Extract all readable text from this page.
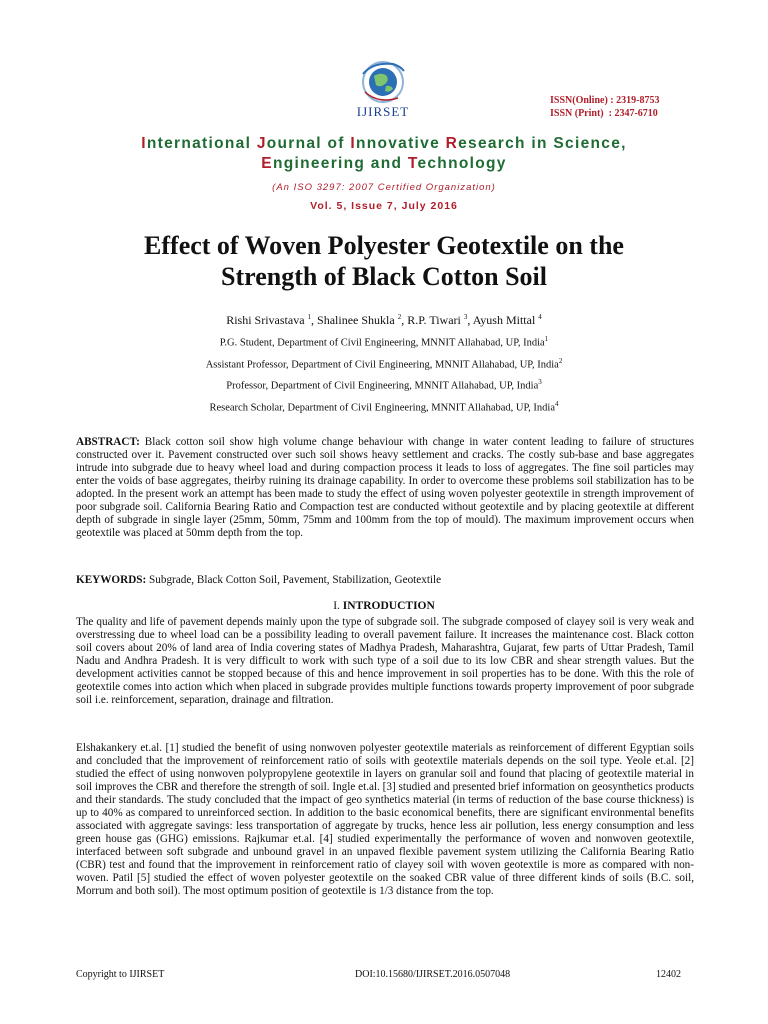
IJIRSET
ISSN(Online) : 2319-8753
ISSN (Print)  : 2347-6710
International Journal of Innovative Research in Science,
Engineering and Technology
(An ISO 3297: 2007 Certified Organization)
Vol. 5, Issue 7, July 2016
Effect of Woven Polyester Geotextile on the
Strength of Black Cotton Soil
Rishi Srivastava $^1$, Shalinee Shukla $^2$, R.P. Tiwari $^3$, Ayush Mittal $^4$
P.G. Student, Department of Civil Engineering, MNNIT Allahabad, UP, India$^1$
Assistant Professor, Department of Civil Engineering, MNNIT Allahabad, UP, India$^2$
Professor, Department of Civil Engineering, MNNIT Allahabad, UP, India$^3$
Research Scholar, Department of Civil Engineering, MNNIT Allahabad, UP, India$^4$
ABSTRACT: Black cotton soil show high volume change behaviour with change in water content leading to failure of structures constructed over it. Pavement constructed over such soil shows heavy settlement and cracks. The costly sub-base and base aggregates intrude into subgrade due to heavy wheel load and during compaction process it leads to loss of aggregates. The fine soil particles may enter the voids of base aggregates, theirby ruining its drainage capability. In order to overcome these problems soil stabilization has to be adopted. In the present work an attempt has been made to study the effect of using woven polyester geotextile in strength improvement of poor subgrade soil. California Bearing Ratio and Compaction test are conducted without geotextile and by placing geotextile at different depth of subgrade in single layer (25mm, 50mm, 75mm and 100mm from the top of mould). The maximum improvement occurs when geotextile was placed at 50mm depth from the top.
KEYWORDS: Subgrade, Black Cotton Soil, Pavement, Stabilization, Geotextile
I. INTRODUCTION
The quality and life of pavement depends mainly upon the type of subgrade soil. The subgrade composed of clayey soil is very weak and overstressing due to wheel load can be a possibility leading to overall pavement failure. It increases the maintenance cost. Black cotton soil covers about 20% of land area of India covering states of Madhya Pradesh, Maharashtra, Gujarat, few parts of Uttar Pradesh, Tamil Nadu and Andhra Pradesh. It is very difficult to work with such type of a soil due to its low CBR and shear strength values. But the development activities cannot be stopped because of this and hence improvement in soil properties has to be done. With this the role of geotextile comes into action which when placed in subgrade provides multiple functions towards property improvement of poor subgrade soil i.e. reinforcement, separation, drainage and filtration.
Elshakankery et.al. [1] studied the benefit of using nonwoven polyester geotextile materials as reinforcement of different Egyptian soils and concluded that the improvement of reinforcement ratio of soils with geotextile materials depends on the soil type. Yeole et.al. [2] studied the effect of using nonwoven polypropylene geotextile in layers on granular soil and found that placing of geotextile material in soil improves the CBR and therefore the strength of soil. Ingle et.al. [3] studied and presented brief information on geosynthetics products and their standards. The study concluded that the impact of geo synthetics material (in terms of reduction of the base course thickness) is up to 40% as compared to unreinforced section. In addition to the basic economical benefits, there are significant environmental benefits associated with aggregate savings: less transportation of aggregate by trucks, hence less air pollution, less energy consumption and less green house gas (GHG) emissions. Rajkumar et.al. [4] studied experimentally the performance of woven and nonwoven geotextile, interfaced between soft subgrade and unbound gravel in an unpaved flexible pavement system utilizing the California Bearing Ratio (CBR) test and found that the improvement in reinforcement ratio of clayey soil with woven geotextile is more as compared with non-woven. Patil [5] studied the effect of woven polyester geotextile on the soaked CBR value of three different kinds of soils (B.C. soil, Morrum and both soil). The most optimum position of geotextile is 1/3 distance from the top.
Copyright to IJIRSET	DOI:10.15680/IJIRSET.2016.0507048	12402
